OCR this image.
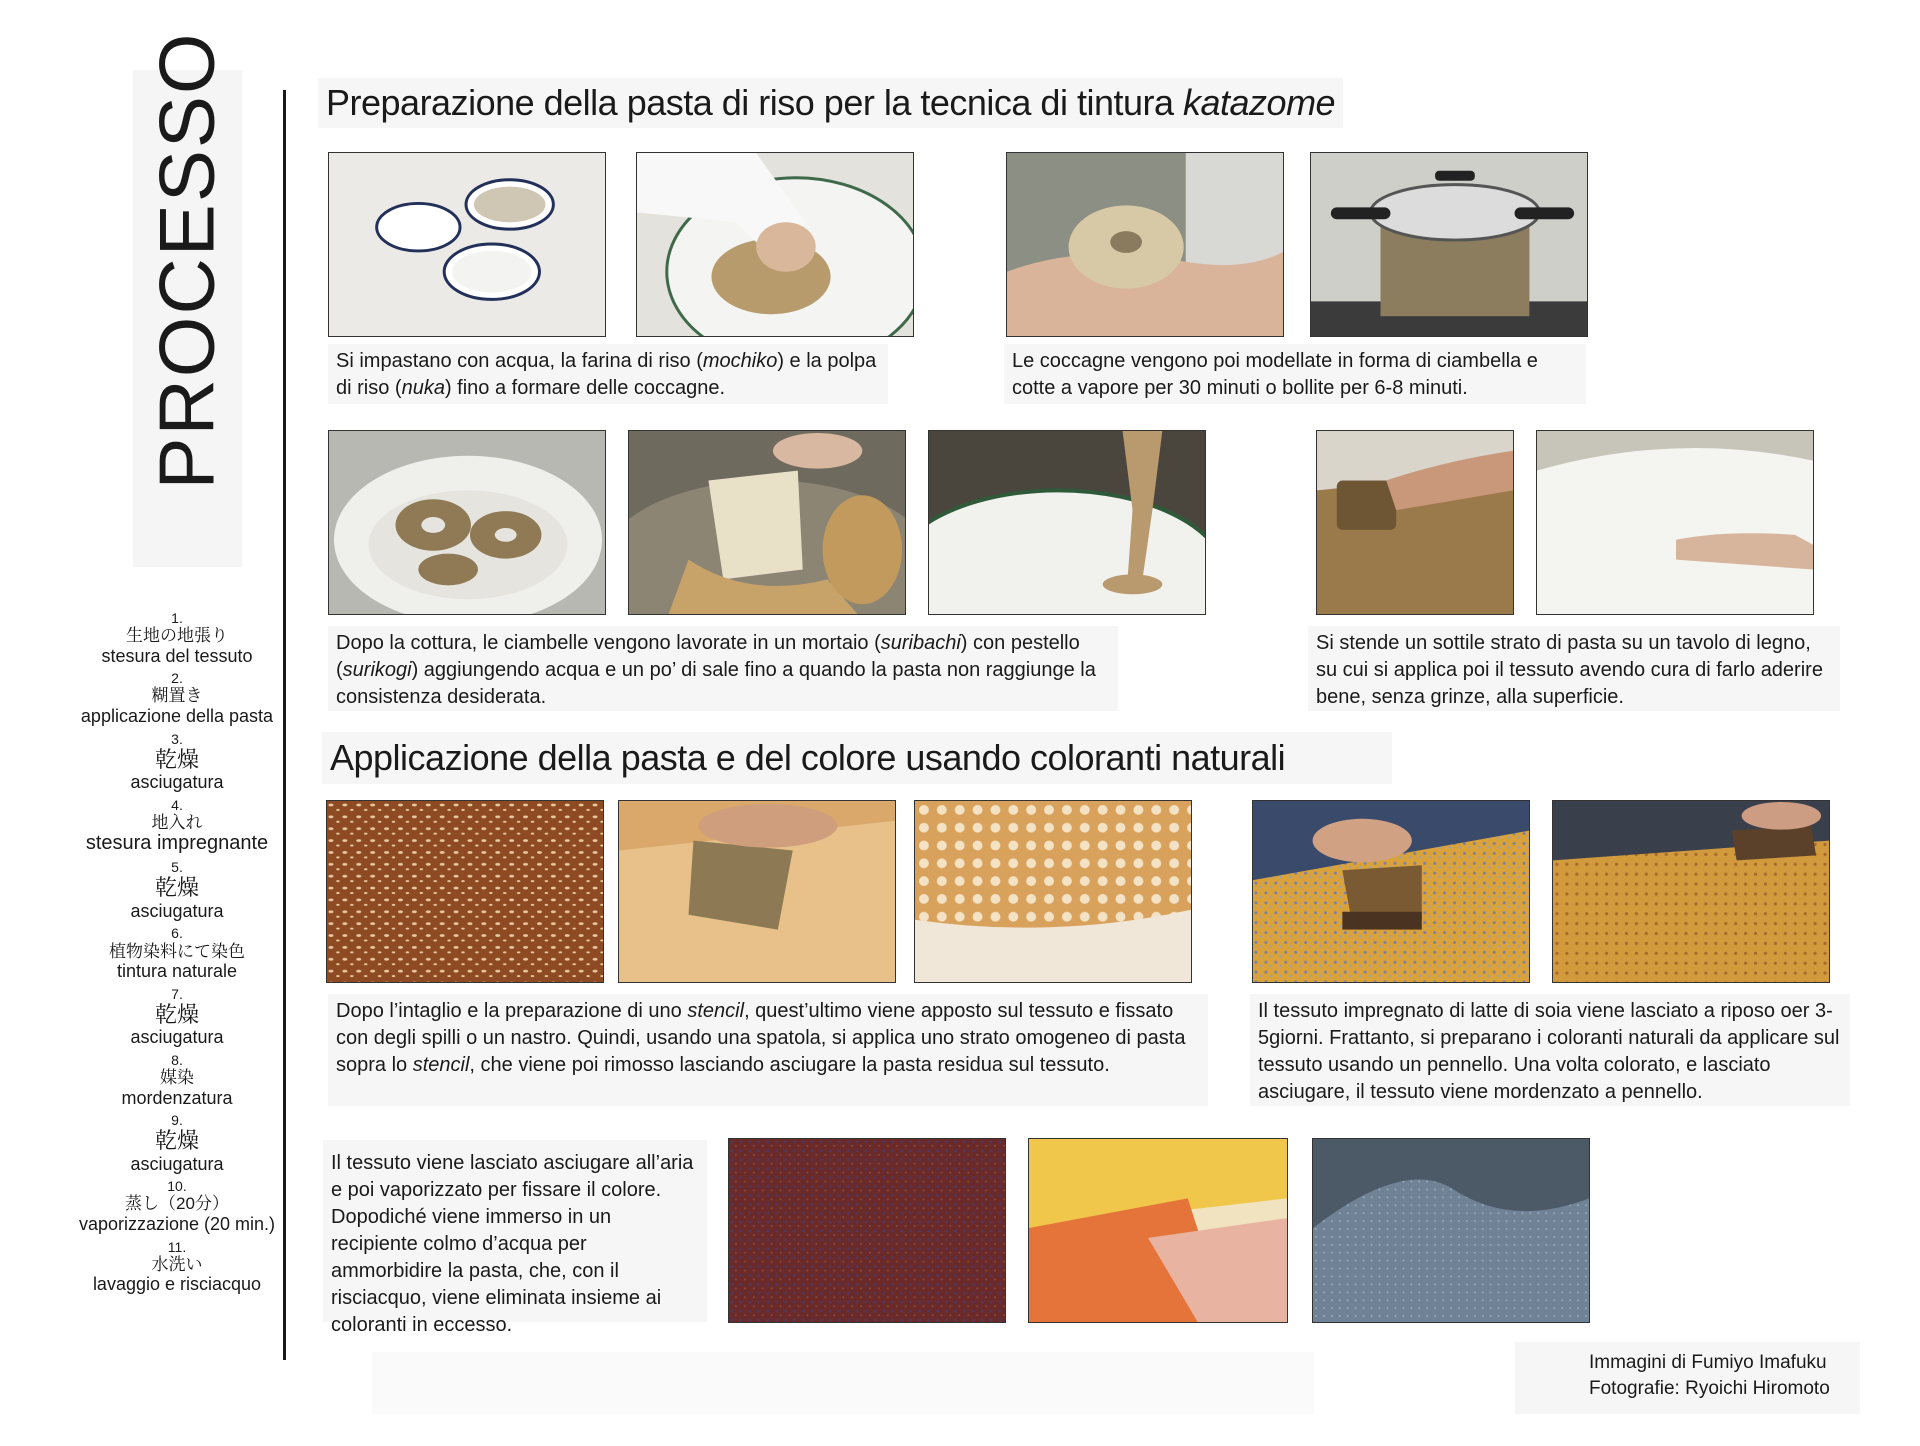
PROCESSO
1.
生地の地張り
stesura del tessuto
2.
糊置き
applicazione della pasta
3.
乾燥
asciugatura
4.
地入れ
stesura impregnante
5.
乾燥
asciugatura
6.
植物染料にて染色
tintura naturale
7.
乾燥
asciugatura
8.
媒染
mordenzatura
9.
乾燥
asciugatura
10.
蒸し（20分）
vaporizzazione (20 min.)
11.
水洗い
lavaggio e risciacquo
Preparazione della pasta di riso per la tecnica di tintura katazome
Si impastano con acqua, la farina di riso (mochiko) e la polpa di riso (nuka) fino a formare delle coccagne.
Le coccagne vengono poi modellate in forma di ciambella e cotte a vapore per 30 minuti o bollite per 6-8 minuti.
Dopo la cottura, le ciambelle vengono lavorate in un mortaio (suribachi) con pestello (surikogi) aggiungendo acqua e un po’ di sale fino a quando la pasta non raggiunge la consistenza desiderata.
Si stende un sottile strato di pasta su un tavolo di legno, su cui si applica poi il tessuto avendo cura di farlo aderire bene, senza grinze, alla superficie.
Applicazione della pasta e del colore usando coloranti naturali
Dopo l’intaglio e la preparazione di uno stencil, quest’ultimo viene apposto sul tessuto e fissato con degli spilli o un nastro. Quindi, usando una spatola, si applica uno strato omogeneo di pasta sopra lo stencil, che viene poi rimosso lasciando asciugare la pasta residua sul tessuto.
Il tessuto impregnato di latte di soia viene lasciato a riposo oer 3-5giorni. Frattanto, si preparano i coloranti naturali da applicare sul tessuto usando un pennello. Una volta colorato, e lasciato asciugare, il tessuto viene mordenzato a pennello.
Il tessuto viene lasciato asciugare all’aria e poi vaporizzato per fissare il colore. Dopodiché viene immerso in un recipiente colmo d’acqua per ammorbidire la pasta, che, con il risciacquo, viene eliminata insieme ai coloranti in eccesso.
Immagini di Fumiyo Imafuku
Fotografie: Ryoichi Hiromoto
